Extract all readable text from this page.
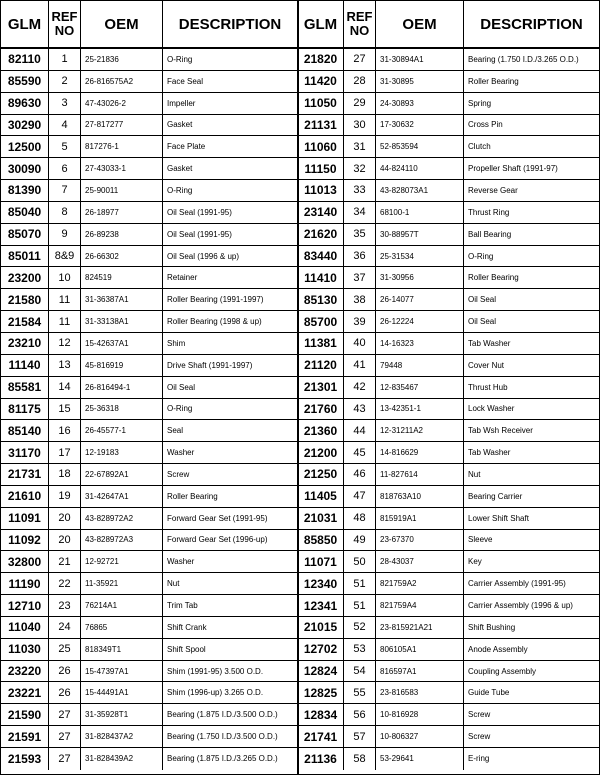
GLM REF NO	OEM	DESCRIPTION
82110	1	25-21836	O-Ring
85590	2	26-816575A2	Face Seal
89630	3	47-43026-2	Impeller
30290	4	27-817277	Gasket
12500	5	817276-1	Face Plate
30090	6	27-43033-1	Gasket
81390	7	25-90011	O-Ring
85040	8	26-18977	Oil Seal (1991-95)
85070	9	26-89238	Oil Seal (1991-95)
85011	8&9	26-66302	Oil Seal (1996 & up)
23200	10	824519	Retainer
21580	11	31-36387A1	Roller Bearing (1991-1997)
21584	11	31-33138A1	Roller Bearing (1998 & up)
23210	12	15-42637A1	Shim
11140	13	45-816919	Drive Shaft (1991-1997)
85581	14	26-816494-1	Oil Seal
81175	15	25-36318	O-Ring
85140	16	26-45577-1	Seal
31170	17	12-19183	Washer
21731	18	22-67892A1	Screw
21610	19	31-42647A1	Roller Bearing
11091	20	43-828972A2	Forward Gear Set (1991-95)
11092	20	43-828972A3	Forward Gear Set (1996-up)
32800	21	12-92721	Washer
11190	22	11-35921	Nut
12710	23	76214A1	Trim Tab
11040	24	76865	Shift Crank
11030	25	818349T1	Shift Spool
23220	26	15-47397A1	Shim (1991-95) 3.500 O.D.
23221	26	15-44491A1	Shim (1996-up) 3.265 O.D.
21590	27	31-35928T1	Bearing (1.875 I.D./3.500 O.D.)
21591	27	31-828437A2	Bearing (1.750 I.D./3.500 O.D.)
21593	27	31-828439A2	Bearing (1.875 I.D./3.265 O.D.)
GLM REF NO	OEM	DESCRIPTION
21820	27	31-30894A1	Bearing (1.750 I.D./3.265 O.D.)
11420	28	31-30895	Roller Bearing
11050	29	24-30893	Spring
21131	30	17-30632	Cross Pin
11060	31	52-853594	Clutch
11150	32	44-824110	Propeller Shaft (1991-97)
11013	33	43-828073A1	Reverse Gear
23140	34	68100-1	Thrust Ring
21620	35	30-88957T	Ball Bearing
83440	36	25-31534	O-Ring
11410	37	31-30956	Roller Bearing
85130	38	26-14077	Oil Seal
85700	39	26-12224	Oil Seal
11381	40	14-16323	Tab Washer
21120	41	79448	Cover Nut
21301	42	12-835467	Thrust Hub
21760	43	13-42351-1	Lock Washer
21360	44	12-31211A2	Tab Wsh Receiver
21200	45	14-816629	Tab Washer
21250	46	11-827614	Nut
11405	47	818763A10	Bearing Carrier
21031	48	815919A1	Lower Shift Shaft
85850	49	23-67370	Sleeve
11071	50	28-43037	Key
12340	51	821759A2	Carrier Assembly (1991-95)
12341	51	821759A4	Carrier Assembly (1996 & up)
21015	52	23-815921A21	Shift Bushing
12702	53	806105A1	Anode Assembly
12824	54	816597A1	Coupling Assembly
12825	55	23-816583	Guide Tube
12834	56	10-816928	Screw
21741	57	10-806327	Screw
21136	58	53-29641	E-ring
